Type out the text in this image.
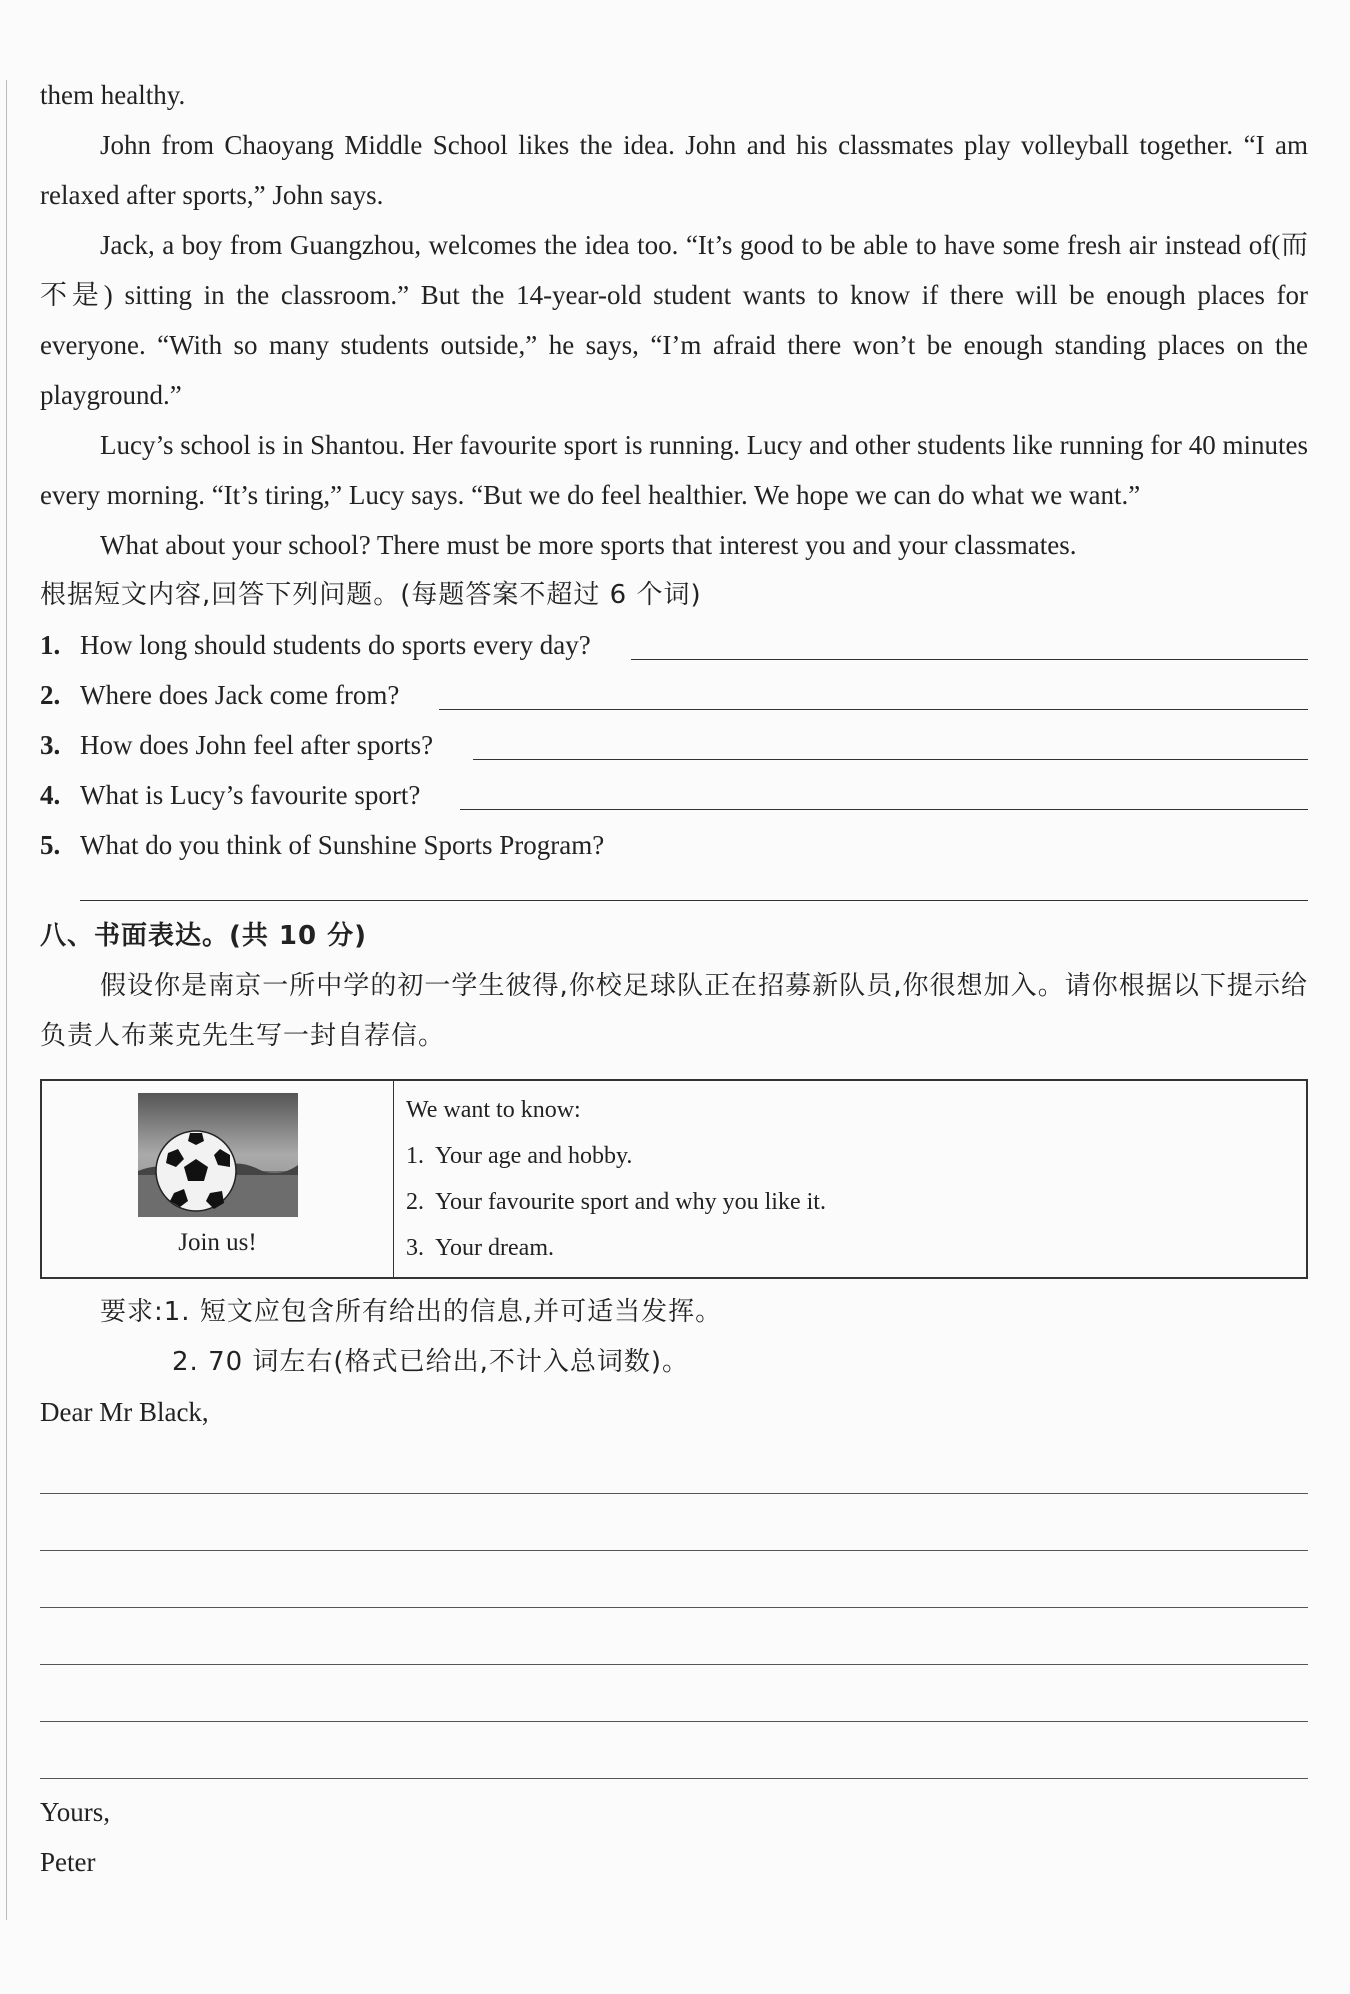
them healthy.

John from Chaoyang Middle School likes the idea. John and his classmates play volleyball together. “I am relaxed after sports,” John says.

Jack, a boy from Guangzhou, welcomes the idea too. “It’s good to be able to have some fresh air instead of(而不是) sitting in the classroom.” But the 14-year-old student wants to know if there will be enough places for everyone. “With so many students outside,” he says, “I’m afraid there won’t be enough standing places on the playground.”

Lucy’s school is in Shantou. Her favourite sport is running. Lucy and other students like running for 40 minutes every morning. “It’s tiring,” Lucy says. “But we do feel healthier. We hope we can do what we want.”

What about your school? There must be more sports that interest you and your classmates.

根据短文内容,回答下列问题。(每题答案不超过 6 个词)

1. How long should students do sports every day?
2. Where does Jack come from?
3. How does John feel after sports?
4. What is Lucy’s favourite sport?
5. What do you think of Sunshine Sports Program?

八、书面表达。(共 10 分)

假设你是南京一所中学的初一学生彼得,你校足球队正在招募新队员,你很想加入。请你根据以下提示给负责人布莱克先生写一封自荐信。

Join us!
We want to know:
1.  Your age and hobby.
2.  Your favourite sport and why you like it.
3.  Your dream.

要求:1. 短文应包含所有给出的信息,并可适当发挥。

2. 70 词左右(格式已给出,不计入总词数)。

Dear Mr Black,

Yours,

Peter
